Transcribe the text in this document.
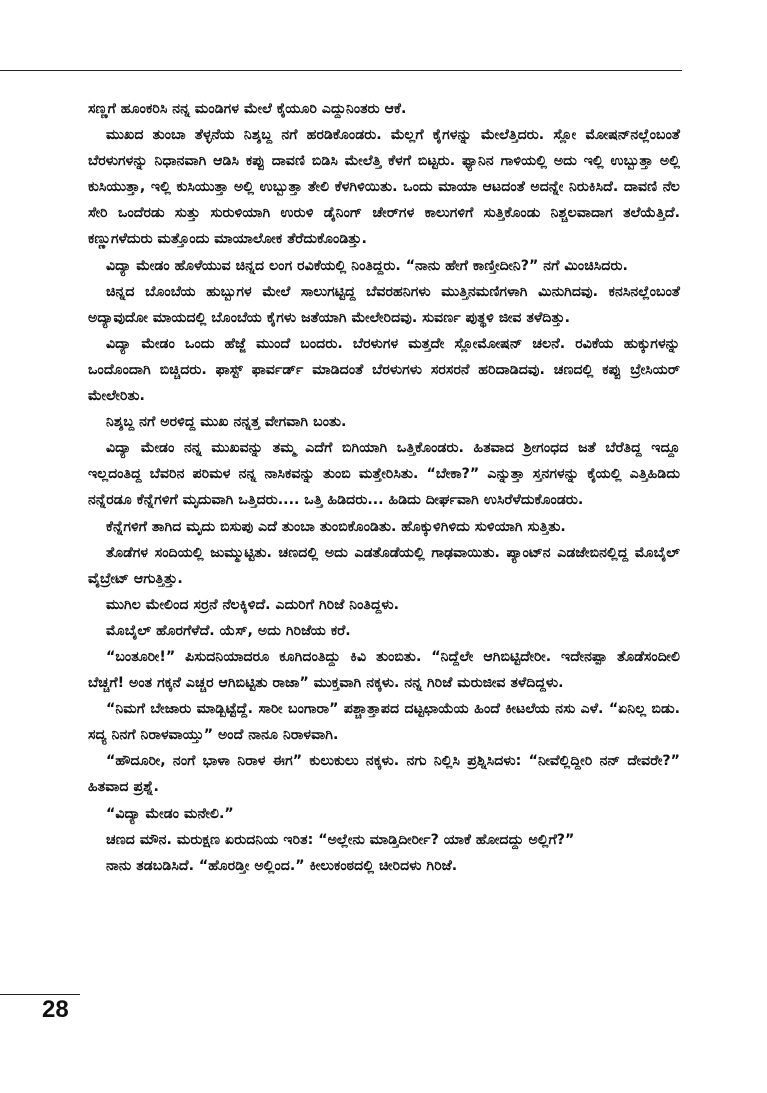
ಸಣ್ಣಗೆ ಹೂಂಕರಿಸಿ ನನ್ನ ಮಂಡಿಗಳ ಮೇಲೆ ಕೈಯೂರಿ ಎದ್ದುನಿಂತರು ಆಕೆ.

ಮುಖದ ತುಂಬಾ ತೆಳ್ಳನೆಯ ನಿಶ್ಶಬ್ದ ನಗೆ ಹರಡಿಕೊಂಡರು. ಮೆಲ್ಲಗೆ ಕೈಗಳನ್ನು ಮೇಲೆತ್ತಿದರು. ಸ್ಲೋ ಮೋಷನ್‌ನಲ್ಲೆಂಬಂತೆ ಬೆರಳುಗಳನ್ನು ನಿಧಾನವಾಗಿ ಆಡಿಸಿ ಕಪ್ಪು ದಾವಣಿ ಬಿಡಿಸಿ ಮೇಲೆತ್ತಿ ಕೆಳಗೆ ಬಿಟ್ಟರು. ಫ್ಯಾನಿನ ಗಾಳಿಯಲ್ಲಿ ಅದು ಇಲ್ಲಿ ಉಬ್ಬುತ್ತಾ ಅಲ್ಲಿ ಕುಸಿಯುತ್ತಾ, ಇಲ್ಲಿ ಕುಸಿಯುತ್ತಾ ಅಲ್ಲಿ ಉಬ್ಬುತ್ತಾ ತೇಲಿ ಕೆಳಗಿಳಿಯಿತು. ಒಂದು ಮಾಯಾ ಆಟದಂತೆ ಅದನ್ನೇ ನಿರುಕಿಸಿದೆ. ದಾವಣಿ ನೆಲ ಸೇರಿ ಒಂದೆರಡು ಸುತ್ತು ಸುರುಳಿಯಾಗಿ ಉರುಳಿ ಡೈನಿಂಗ್ ಚೇರ್‌ಗಳ ಕಾಲುಗಳಿಗೆ ಸುತ್ತಿಕೊಂಡು ನಿಶ್ಚಲವಾದಾಗ ತಲೆಯೆತ್ತಿದೆ. ಕಣ್ಣುಗಳೆದುರು ಮತ್ತೊಂದು ಮಾಯಾಲೋಕ ತೆರೆದುಕೊಂಡಿತ್ತು.

ವಿದ್ಯಾ ಮೇಡಂ ಹೊಳೆಯುವ ಚಿನ್ನದ ಲಂಗ ರವಿಕೆಯಲ್ಲಿ ನಿಂತಿದ್ದರು. “ನಾನು ಹೇಗೆ ಕಾಣ್ತೀದೀನಿ?” ನಗೆ ಮಿಂಚಿಸಿದರು.

ಚಿನ್ನದ ಬೊಂಬೆಯ ಹುಬ್ಬುಗಳ ಮೇಲೆ ಸಾಲುಗಟ್ಟಿದ್ದ ಬೆವರಹನಿಗಳು ಮುತ್ತಿನಮಣಿಗಳಾಗಿ ಮಿನುಗಿದವು. ಕನಸಿನಲ್ಲೆಂಬಂತೆ ಅದ್ಯಾವುದೋ ಮಾಯದಲ್ಲಿ ಬೊಂಬೆಯ ಕೈಗಳು ಜತೆಯಾಗಿ ಮೇಲೇರಿದವು. ಸುವರ್ಣ ಪುತ್ಥಳಿ ಜೀವ ತಳೆದಿತ್ತು.

ವಿದ್ಯಾ ಮೇಡಂ ಒಂದು ಹೆಜ್ಜೆ ಮುಂದೆ ಬಂದರು. ಬೆರಳುಗಳ ಮತ್ತದೇ ಸ್ಲೋಮೋಷನ್ ಚಲನೆ. ರವಿಕೆಯ ಹುಕ್ಕುಗಳನ್ನು ಒಂದೊಂದಾಗಿ ಬಿಚ್ಚಿದರು. ಫಾಸ್ಟ್ ಫಾರ್ವರ್ಡ್ ಮಾಡಿದಂತೆ ಬೆರಳುಗಳು ಸರಸರನೆ ಹರಿದಾಡಿದವು. ಚಣದಲ್ಲಿ ಕಪ್ಪು ಬ್ರೇಸಿಯರ್ ಮೇಲೇರಿತು.

ನಿಶ್ಶಬ್ದ ನಗೆ ಅರಳಿದ್ದ ಮುಖ ನನ್ನತ್ತ ವೇಗವಾಗಿ ಬಂತು.

ವಿದ್ಯಾ ಮೇಡಂ ನನ್ನ ಮುಖವನ್ನು ತಮ್ಮ ಎದೆಗೆ ಬಿಗಿಯಾಗಿ ಒತ್ತಿಕೊಂಡರು. ಹಿತವಾದ ಶ್ರೀಗಂಧದ ಜತೆ ಬೆರೆತಿದ್ದ ಇದ್ದೂ ಇಲ್ಲದಂತಿದ್ದ ಬೆವರಿನ ಪರಿಮಳ ನನ್ನ ನಾಸಿಕವನ್ನು ತುಂಬಿ ಮತ್ತೇರಿಸಿತು. “ಬೇಕಾ?” ಎನ್ನುತ್ತಾ ಸ್ತನಗಳನ್ನು ಕೈಯಲ್ಲಿ ಎತ್ತಿಹಿಡಿದು ನನ್ನೆರಡೂ ಕೆನ್ನೆಗಳಿಗೆ ಮೃದುವಾಗಿ ಒತ್ತಿದರು.... ಒತ್ತಿ ಹಿಡಿದರು... ಹಿಡಿದು ದೀರ್ಘವಾಗಿ ಉಸಿರೆಳೆದುಕೊಂಡರು.

ಕೆನ್ನೆಗಳಿಗೆ ತಾಗಿದ ಮೃದು ಬಿಸುಪು ಎದೆ ತುಂಬಾ ತುಂಬಿಕೊಂಡಿತು. ಹೊಕ್ಕುಳಿಗಿಳಿದು ಸುಳಿಯಾಗಿ ಸುತ್ತಿತು.

ತೊಡೆಗಳ ಸಂದಿಯಲ್ಲಿ ಜುಮ್ಮುಟ್ಟಿತು. ಚಣದಲ್ಲಿ ಅದು ಎಡತೊಡೆಯಲ್ಲಿ ಗಾಢವಾಯಿತು. ಪ್ಯಾಂಟ್‌ನ ಎಡಜೇಬಿನಲ್ಲಿದ್ದ ಮೊಬೈಲ್ ವೈಬ್ರೇಟ್ ಆಗುತ್ತಿತ್ತು.

ಮುಗಿಲ ಮೇಲಿಂದ ಸರ್ರನೆ ನೆಲಕ್ಕಿಳಿದೆ. ಎದುರಿಗೆ ಗಿರಿಜೆ ನಿಂತಿದ್ದಳು.

ಮೊಬೈಲ್ ಹೊರಗೆಳೆದೆ. ಯೆಸ್, ಅದು ಗಿರಿಜೆಯ ಕರೆ.

“ಬಂತೂರೀ!” ಪಿಸುದನಿಯಾದರೂ ಕೂಗಿದಂತಿದ್ದು ಕಿವಿ ತುಂಬಿತು. “ನಿದ್ದೆಲೇ ಆಗಿಬಿಟ್ಟಿದೇರೀ. ಇದೇನಪ್ಪಾ ತೊಡೆಸಂದೀಲಿ ಬೆಚ್ಚಗೆ! ಅಂತ ಗಕ್ಕನೆ ಎಚ್ಚರ ಆಗಿಬಿಟ್ಟಿತು ರಾಜಾ” ಮುಕ್ತವಾಗಿ ನಕ್ಕಳು. ನನ್ನ ಗಿರಿಜೆ ಮರುಜೀವ ತಳೆದಿದ್ದಳು.

“ನಿಮಗೆ ಬೇಜಾರು ಮಾಡ್ಬಿಟ್ಟೆದ್ದೆ. ಸಾರೀ ಬಂಗಾರಾ” ಪಶ್ಚಾತ್ತಾಪದ ದಟ್ಟಛಾಯೆಯ ಹಿಂದೆ ಕೀಟಲೆಯ ನಸು ಎಳೆ. “ಏನಿಲ್ಲ ಬಿಡು. ಸದ್ಯ ನಿನಗೆ ನಿರಾಳವಾಯ್ತು” ಅಂದೆ ನಾನೂ ನಿರಾಳವಾಗಿ.

“ಹೌದೂರೀ, ನಂಗೆ ಭಾಳಾ ನಿರಾಳ ಈಗ” ಕುಲುಕುಲು ನಕ್ಕಳು. ನಗು ನಿಲ್ಲಿಸಿ ಪ್ರಶ್ನಿಸಿದಳು: “ನೀವೆಲ್ಲಿದ್ದೀರಿ ನನ್ ದೇವರೇ?” ಹಿತವಾದ ಪ್ರಶ್ನೆ.

“ವಿದ್ಯಾ ಮೇಡಂ ಮನೇಲಿ.”

ಚಣದ ಮೌನ. ಮರುಕ್ಷಣ ಏರುದನಿಯ ಇರಿತ: “ಅಲ್ಲೇನು ಮಾಡ್ತಿದೀರ್ರೀ? ಯಾಕೆ ಹೋದದ್ದು ಅಲ್ಲಿಗೆ?”

ನಾನು ತಡಬಡಿಸಿದೆ. “ಹೊರಡ್ತೀ ಅಲ್ಲಿಂದ.” ಕೀಲುಕಂಠದಲ್ಲಿ ಚೀರಿದಳು ಗಿರಿಜೆ.

28
